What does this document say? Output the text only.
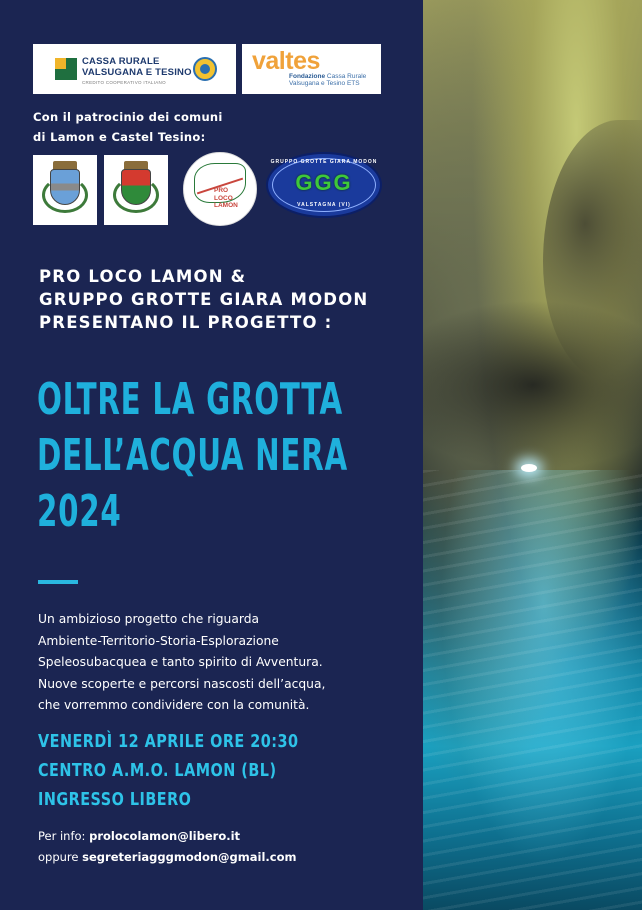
CASSA RURALE
VALSUGANA E TESINO
CREDITO COOPERATIVO ITALIANO
valtes
Fondazione Cassa Rurale
Valsugana e Tesino ETS
Con il patrocinio dei comuni
di Lamon e Castel Tesino:
PRO
LOCO
LAMON
GRUPPO GROTTE GIARA MODON
GGG
VALSTAGNA (VI)
PRO LOCO LAMON &
GRUPPO GROTTE GIARA MODON
PRESENTANO IL PROGETTO :
OLTRE LA GROTTA
DELL’ACQUA NERA
2024
Un ambizioso progetto che riguarda
Ambiente-Territorio-Storia-Esplorazione
Speleosubacquea e tanto spirito di Avventura.
Nuove scoperte e percorsi nascosti dell’acqua,
che vorremmo condividere con la comunità.
VENERDÌ 12 APRILE ORE 20:30
CENTRO A.M.O. LAMON (BL)
INGRESSO LIBERO
Per info: prolocolamon@libero.it
oppure segreteriagggmodon@gmail.com
